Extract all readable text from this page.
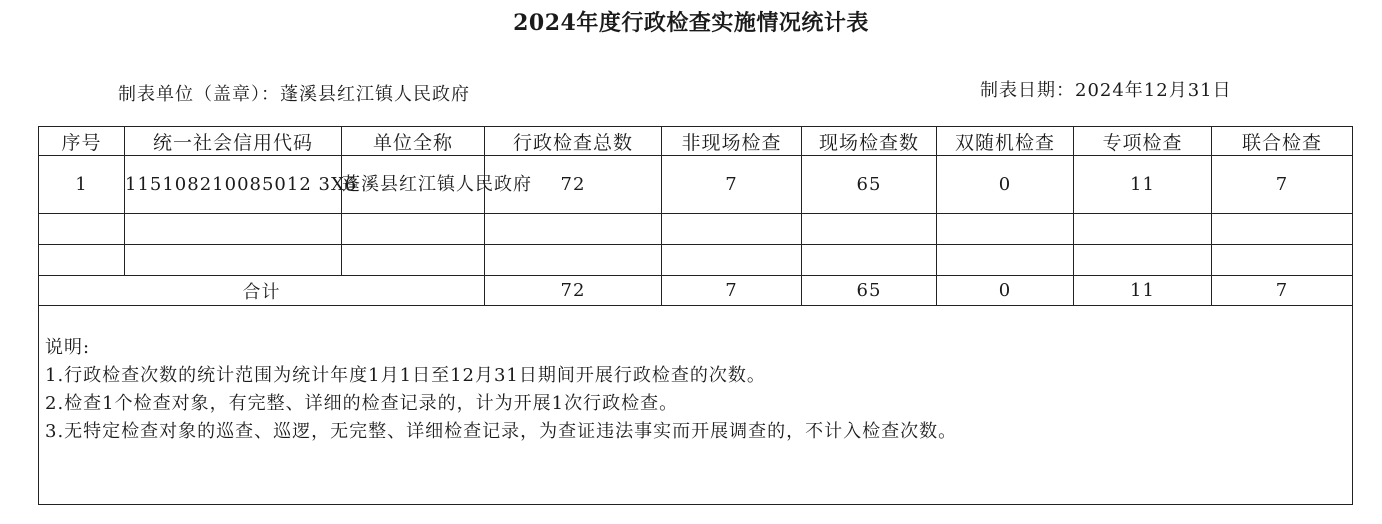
2024年度行政检查实施情况统计表
制表单位（盖章）：蓬溪县红江镇人民政府	制表日期：2024年12月31日
序号	统一社会信用代码	单位全称	行政检查总数	非现场检查	现场检查数	双随机检查	专项检查	联合检查
1	115108210085012 3X6	蓬溪县红江镇人民政府	72	7	65	0	11	7

合计			72	7	65	0	11	7

说明:
1.行政检查次数的统计范围为统计年度1月1日至12月31日期间开展行政检查的次数。
2.检查1个检查对象，有完整、详细的检查记录的，计为开展1次行政检查。
3.无特定检查对象的巡查、巡逻，无完整、详细检查记录，为查证违法事实而开展调查的，不计入检查次数。								
